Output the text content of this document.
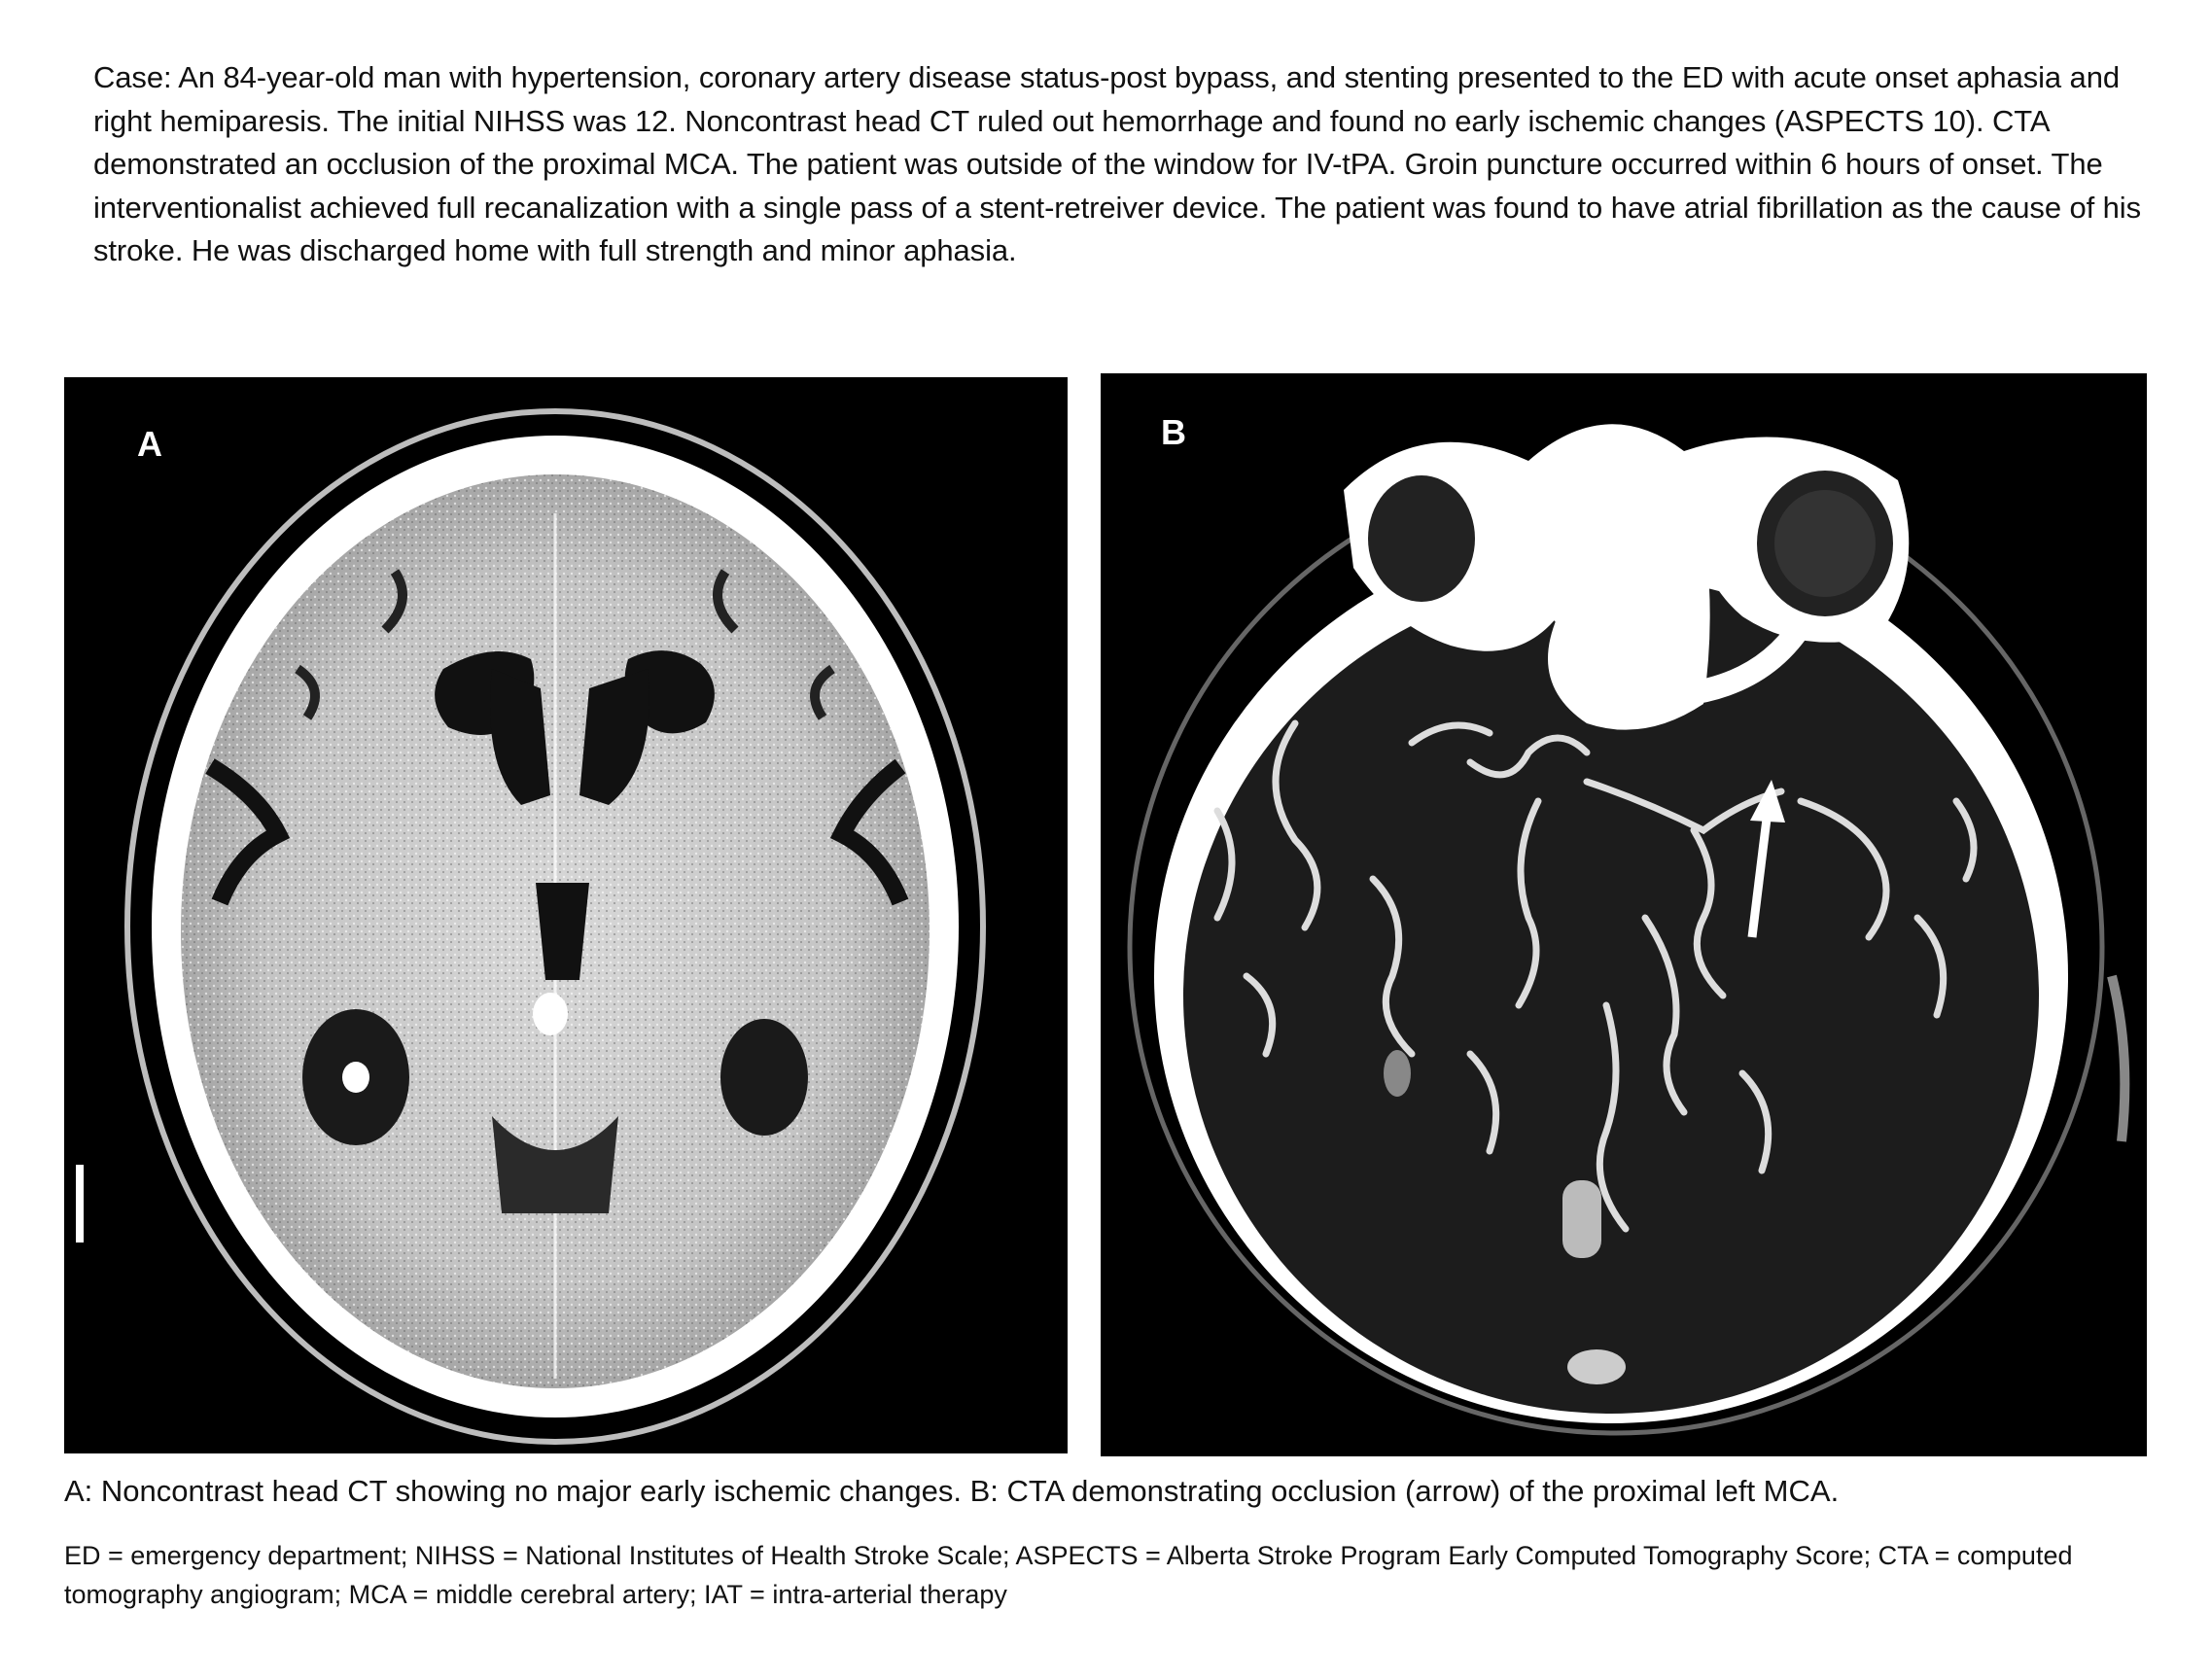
Case: An 84-year-old man with hypertension, coronary artery disease status-post bypass, and stenting presented to the ED with acute onset aphasia and right hemiparesis. The initial NIHSS was 12. Noncontrast head CT ruled out hemorrhage and found no early ischemic changes (ASPECTS 10). CTA demonstrated an occlusion of the proximal MCA. The patient was outside of the window for IV-tPA. Groin puncture occurred within 6 hours of onset. The interventionalist achieved full recanalization with a single pass of a stent-retreiver device. The patient was found to have atrial fibrillation as the cause of his stroke. He was discharged home with full strength and minor aphasia.
A	B
A: Noncontrast head CT showing no major early ischemic changes. B: CTA demonstrating occlusion (arrow) of the proximal left MCA.
ED = emergency department; NIHSS = National Institutes of Health Stroke Scale; ASPECTS = Alberta Stroke Program Early Computed Tomography Score; CTA = computed tomography angiogram; MCA = middle cerebral artery; IAT = intra-arterial therapy
